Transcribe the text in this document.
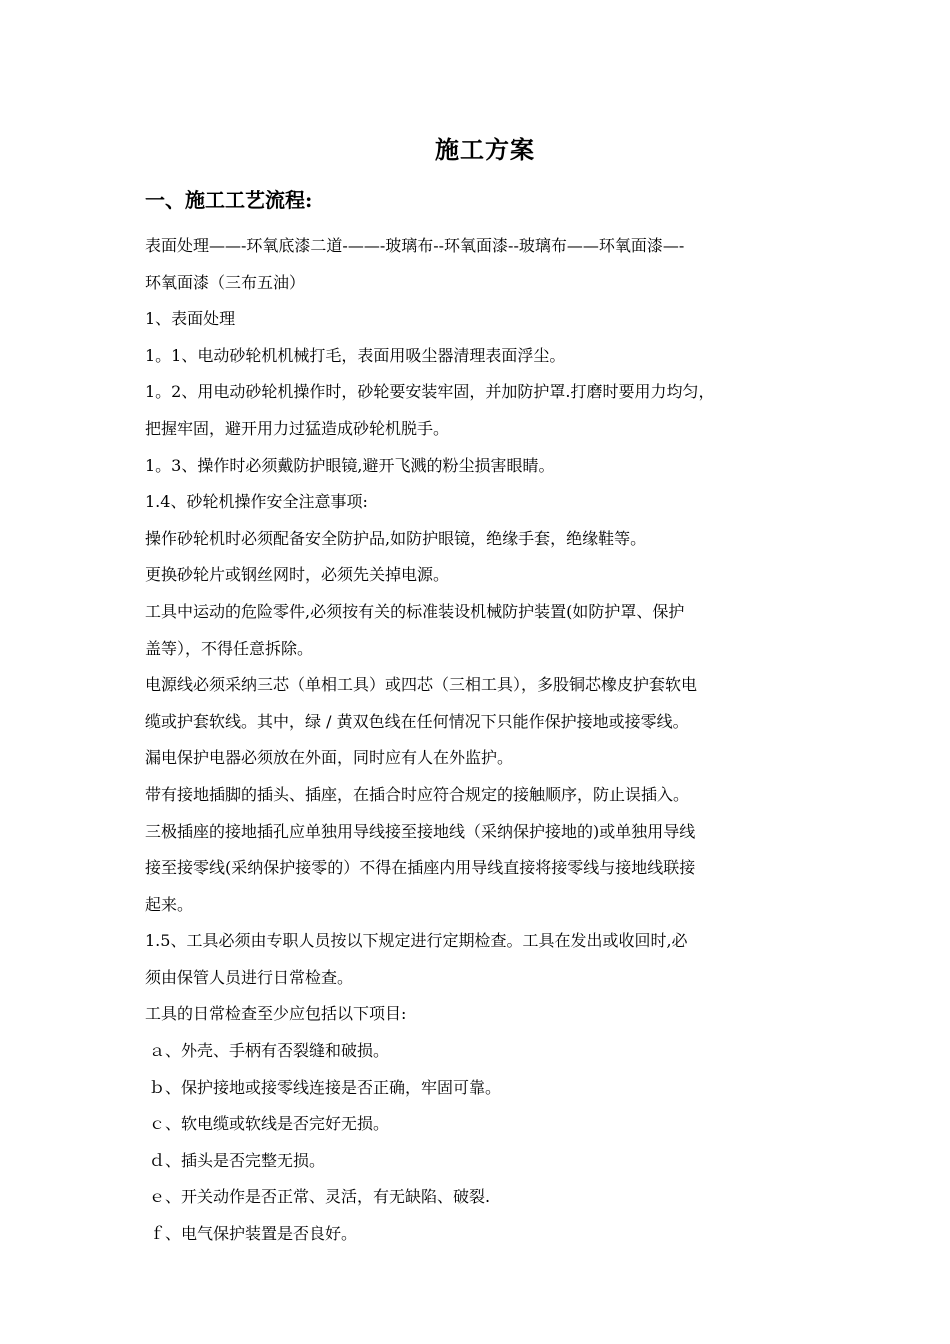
施工方案
一、施工工艺流程:

表面处理——-环氧底漆二道-——-玻璃布--环氧面漆--玻璃布——环氧面漆—-

环氧面漆（三布五油）

1、表面处理

1。1、电动砂轮机机械打毛，表面用吸尘器清理表面浮尘。

1。2、用电动砂轮机操作时，砂轮要安装牢固，并加防护罩.打磨时要用力均匀，

把握牢固，避开用力过猛造成砂轮机脱手。

1。3、操作时必须戴防护眼镜,避开飞溅的粉尘损害眼睛。

1.4、砂轮机操作安全注意事项:

操作砂轮机时必须配备安全防护品,如防护眼镜，绝缘手套，绝缘鞋等。

更换砂轮片或钢丝网时，必须先关掉电源。

工具中运动的危险零件,必须按有关的标准装设机械防护装置(如防护罩、保护

盖等），不得任意拆除。

电源线必须采纳三芯（单相工具）或四芯（三相工具），多股铜芯橡皮护套软电

缆或护套软线。其中，绿 / 黄双色线在任何情况下只能作保护接地或接零线。

漏电保护电器必须放在外面，同时应有人在外监护。

带有接地插脚的插头、插座，在插合时应符合规定的接触顺序，防止误插入。

三极插座的接地插孔应单独用导线接至接地线（采纳保护接地的)或单独用导线

接至接零线(采纳保护接零的）不得在插座内用导线直接将接零线与接地线联接

起来。

1.5、工具必须由专职人员按以下规定进行定期检查。工具在发出或收回时,必

须由保管人员进行日常检查。

工具的日常检查至少应包括以下项目:

ａ、外壳、手柄有否裂缝和破损。

ｂ、保护接地或接零线连接是否正确，牢固可靠。

ｃ、软电缆或软线是否完好无损。

ｄ、插头是否完整无损。

ｅ、开关动作是否正常、灵活，有无缺陷、破裂.

ｆ、电气保护装置是否良好。
